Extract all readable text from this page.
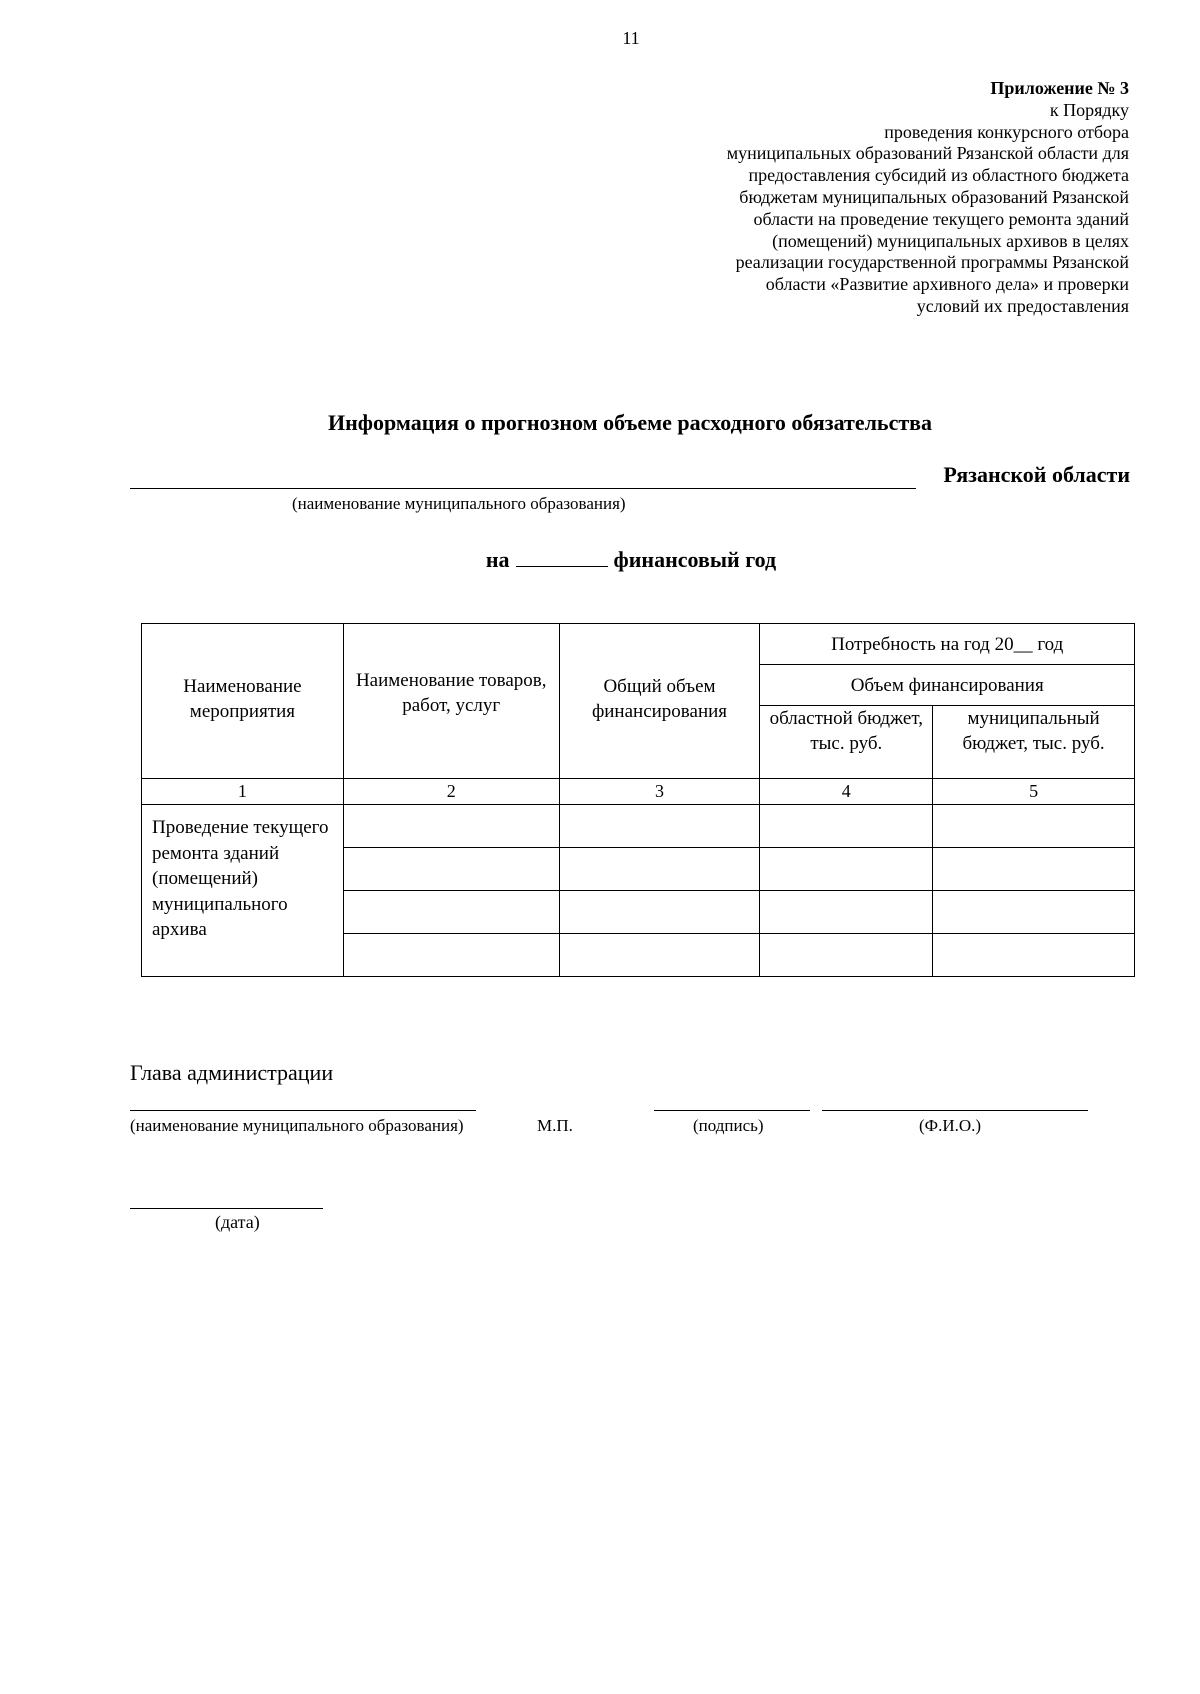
11
Приложение № 3
к Порядку
проведения конкурсного отбора
муниципальных образований Рязанской области для
предоставления субсидий из областного бюджета
бюджетам муниципальных образований Рязанской
области на проведение текущего ремонта зданий
(помещений) муниципальных архивов в целях
реализации государственной программы Рязанской
области «Развитие архивного дела» и проверки
условий их предоставления
Информация о прогнозном объеме расходного обязательства
Рязанской области
(наименование муниципального образования)
на	финансовый год
Наименование мероприятия	Наименование товаров, работ, услуг	Общий объем финансирования	Потребность на год 20__ год	
			Объем финансирования	
			областной бюджет, тыс. руб.	муниципальный бюджет, тыс. руб.
1	2	3	4	5
Проведение текущего ремонта зданий (помещений) муниципального архива				

Глава администрации
(наименование муниципального образования)	М.П.	(подпись)	(Ф.И.О.)
(дата)
